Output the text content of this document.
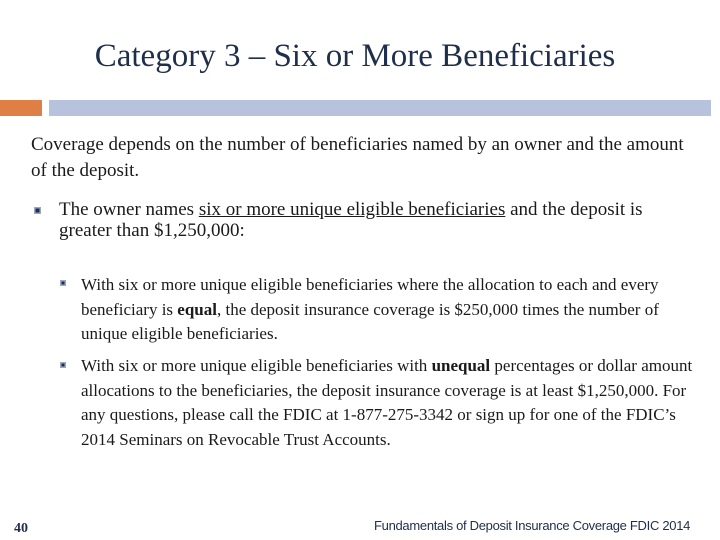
Category 3 – Six or More Beneficiaries
Coverage depends on the number of beneficiaries named by an owner and the amount of the deposit.
The owner names six or more unique eligible beneficiaries and the deposit is greater than $1,250,000:
With six or more unique eligible beneficiaries where the allocation to each and every beneficiary is equal, the deposit insurance coverage is $250,000 times the number of unique eligible beneficiaries.
With six or more unique eligible beneficiaries with unequal percentages or dollar amount allocations to the beneficiaries, the deposit insurance coverage is at least $1,250,000. For any questions, please call the FDIC at 1-877-275-3342 or sign up for one of the FDIC’s 2014 Seminars on Revocable Trust Accounts.
40	Fundamentals of Deposit Insurance Coverage FDIC 2014
